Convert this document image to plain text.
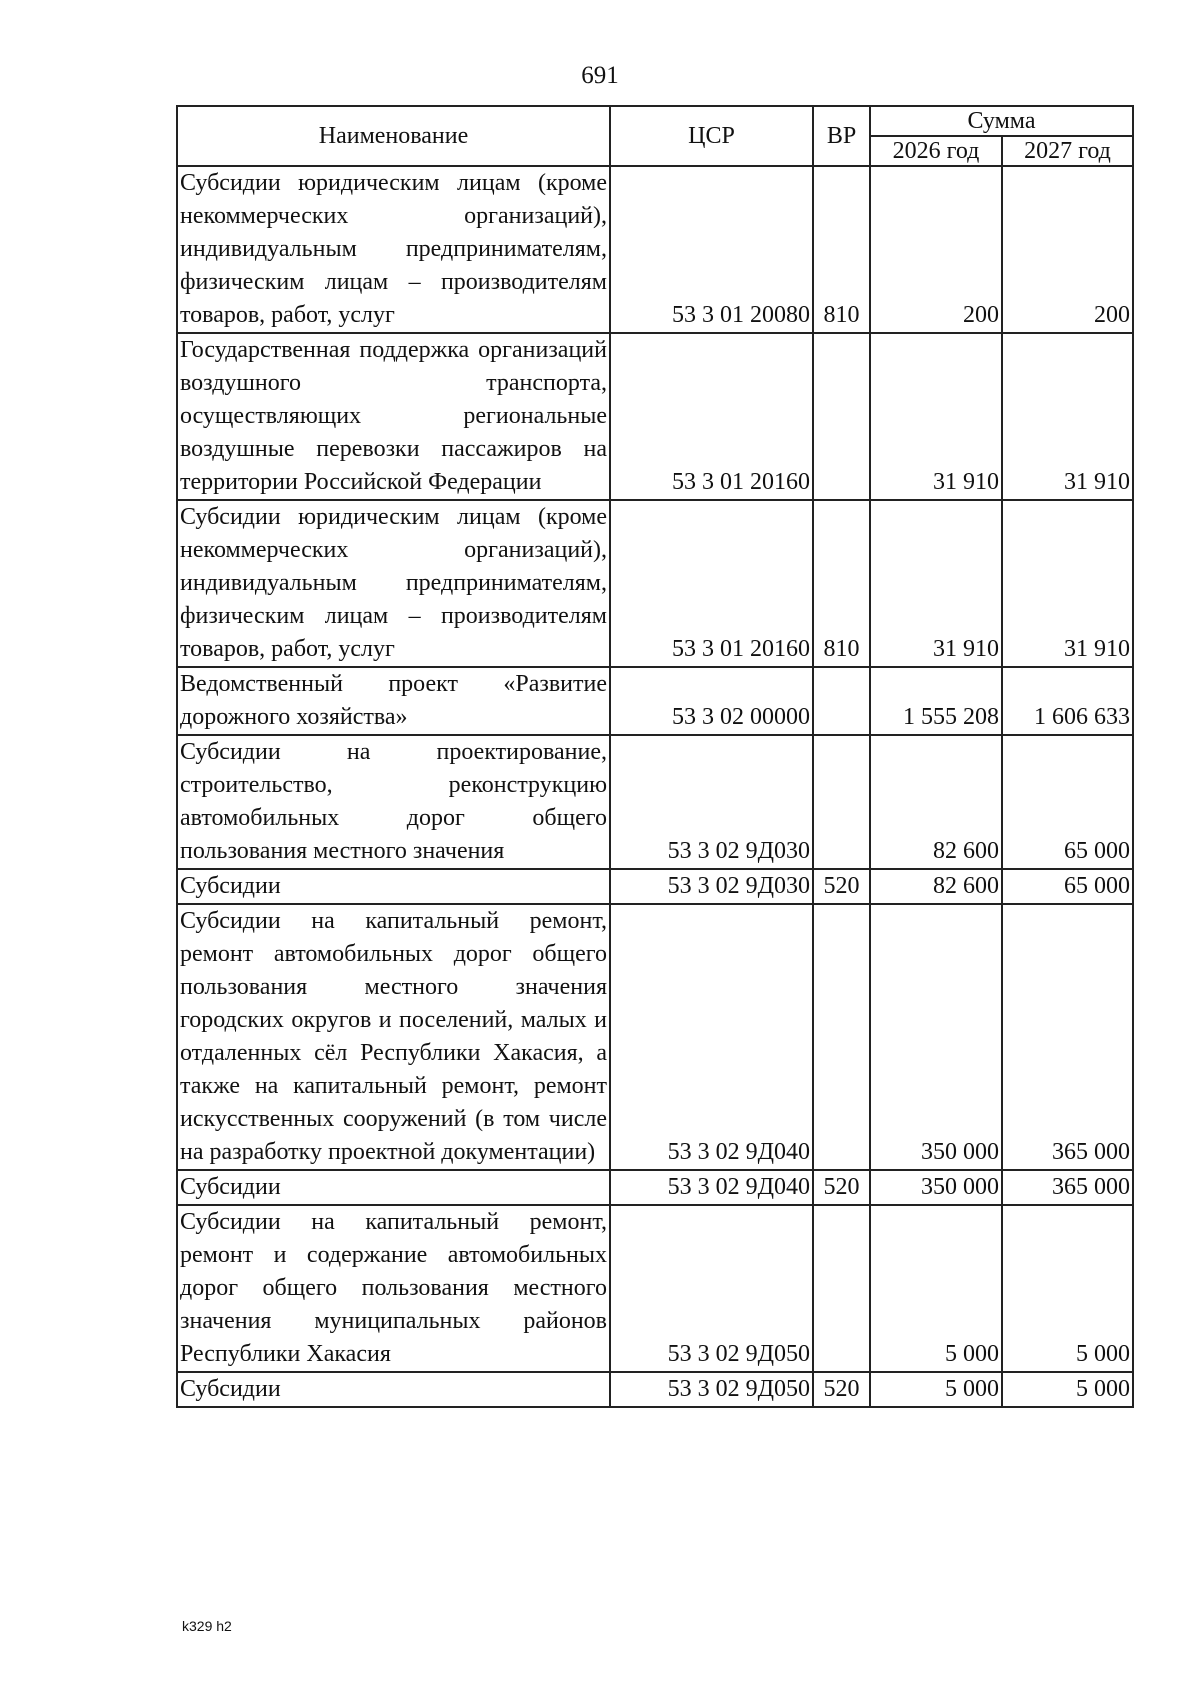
691
Наименование	ЦСР	ВР	Сумма	
			2026 год	2027 год
Субсидии юридическим лицам (кроме некоммерческих организаций), индивидуальным предпринимателям, физическим лицам – производителям товаров, работ, услуг	53 3 01 20080	810	200	200
Государственная поддержка организаций воздушного транспорта, осуществляющих региональные воздушные перевозки пассажиров на территории Российской Федерации	53 3 01 20160		31 910	31 910
Субсидии юридическим лицам (кроме некоммерческих организаций), индивидуальным предпринимателям, физическим лицам – производителям товаров, работ, услуг	53 3 01 20160	810	31 910	31 910
Ведомственный проект «Развитие дорожного хозяйства»	53 3 02 00000		1 555 208	1 606 633
Субсидии на проектирование, строительство, реконструкцию автомобильных дорог общего пользования местного значения	53 3 02 9Д030		82 600	65 000
Субсидии	53 3 02 9Д030	520	82 600	65 000
Субсидии на капитальный ремонт, ремонт автомобильных дорог общего пользования местного значения городских округов и поселений, малых и отдаленных сёл Республики Хакасия, а также на капитальный ремонт, ремонт искусственных сооружений (в том числе на разработку проектной документации)	53 3 02 9Д040		350 000	365 000
Субсидии	53 3 02 9Д040	520	350 000	365 000
Субсидии на капитальный ремонт, ремонт и содержание автомобильных дорог общего пользования местного значения муниципальных районов Республики Хакасия	53 3 02 9Д050		5 000	5 000
Субсидии	53 3 02 9Д050	520	5 000	5 000
k329 h2
